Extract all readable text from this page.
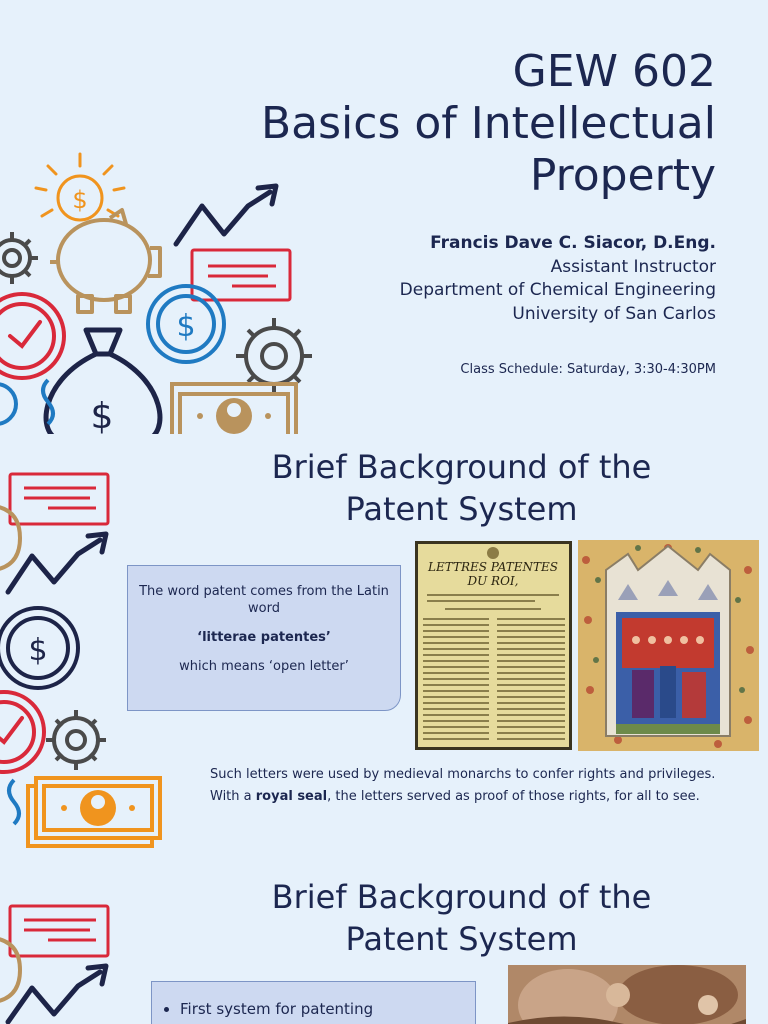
$
$
$
GEW 602
Basics of Intellectual
Property
Francis Dave C. Siacor, D.Eng.
Assistant Instructor
Department of Chemical Engineering
University of San Carlos
Class Schedule: Saturday, 3:30-4:30PM
$
Brief Background of the
Patent System

The word patent comes from the Latin word

‘litterae patentes’

which means ‘open letter’

LETTRES PATENTES
DU ROI,

Such letters were used by medieval monarchs to confer rights and privileges.

With a royal seal, the letters served as proof of those rights, for all to see.

Brief Background of the
Patent System
• First system for patenting
